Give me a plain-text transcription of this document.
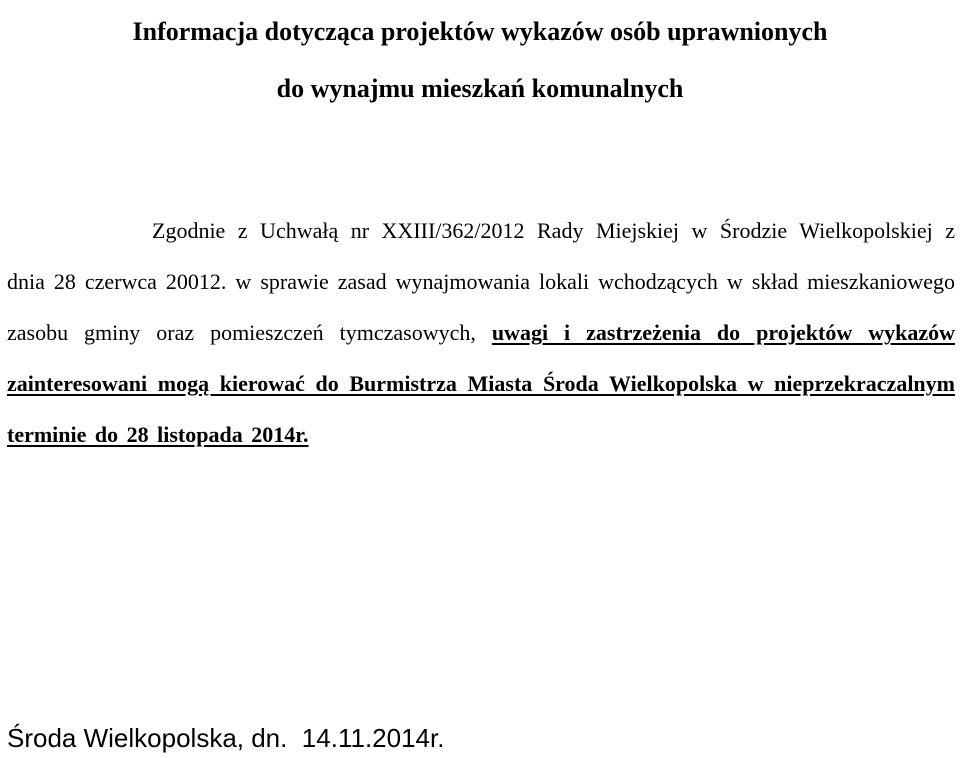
Informacja dotycząca projektów wykazów osób uprawnionych
do wynajmu mieszkań komunalnych

Zgodnie z Uchwałą nr XXIII/362/2012 Rady Miejskiej w Środzie Wielkopolskiej z dnia 28 czerwca 20012. w sprawie zasad wynajmowania lokali wchodzących w skład mieszkaniowego zasobu gminy oraz pomieszczeń tymczasowych, uwagi i zastrzeżenia do projektów wykazów zainteresowani mogą kierować do Burmistrza Miasta Środa Wielkopolska w nieprzekraczalnym terminie do 28 listopada 2014r.

Środa Wielkopolska, dn.  14.11.2014r.
